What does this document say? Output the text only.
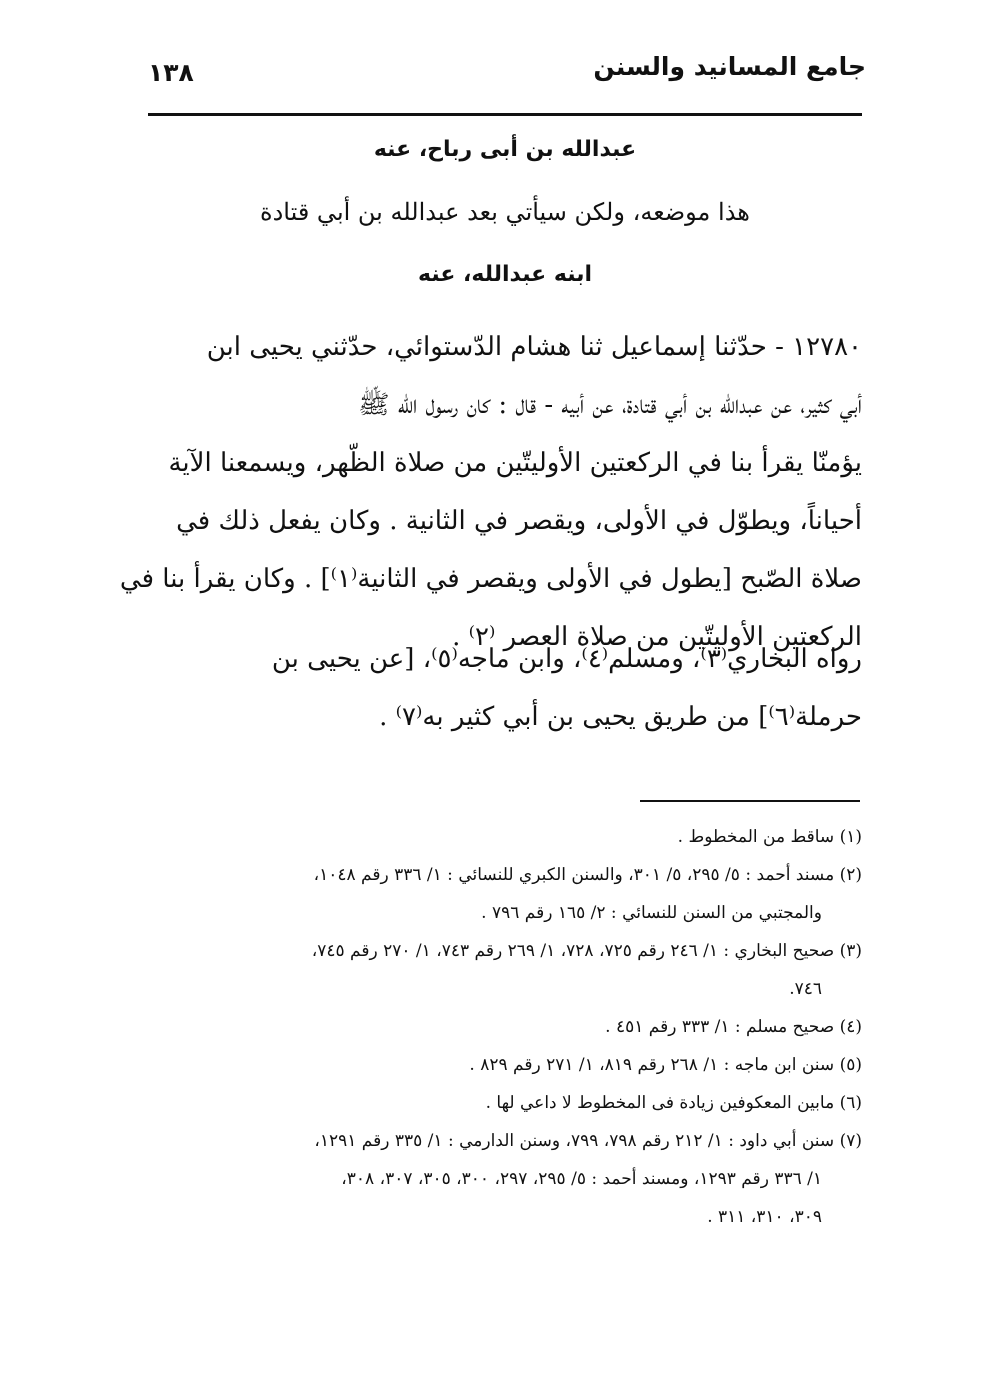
جامع المسانيد والسنن
١٣٨
عبدالله بن أبى رباح، عنه
هذا موضعه، ولكن سيأتي بعد عبدالله بن أبي قتادة
ابنه عبدالله، عنه
١٢٧٨٠ - حدّثنا إسماعيل ثنا هشام الدّستوائي، حدّثني يحيى ابن
أبي كثير، عن عبدالله بن أبي قتادة، عن أبيه - قال : كان رسول الله ﷺ
يؤمنّا يقرأ بنا في الركعتين الأوليتّين من صلاة الظّهر، ويسمعنا الآية
أحياناً، ويطوّل في الأولى، ويقصر في الثانية . وكان يفعل ذلك في
صلاة الصّبح [يطول في الأولى ويقصر في الثانية⁽١⁾] . وكان يقرأ بنا في
الركعتين الأوليتّين من صلاة العصر ⁽٢⁾ .
رواه البخاري⁽٣⁾، ومسلم⁽٤⁾، وابن ماجه⁽٥⁾، [عن يحيى بن
حرملة⁽٦⁾] من طريق يحيى بن أبي كثير به⁽٧⁾ .
(١) ساقط من المخطوط .
(٢) مسند أحمد : ٥/ ٢٩٥، ٥/ ٣٠١، والسنن الكبري للنسائي : ١/ ٣٣٦ رقم ١٠٤٨،
والمجتبي من السنن للنسائي : ٢/ ١٦٥ رقم ٧٩٦ .
(٣) صحيح البخاري : ١/ ٢٤٦ رقم ٧٢٥، ٧٢٨، ١/ ٢٦٩ رقم ٧٤٣، ١/ ٢٧٠ رقم ٧٤٥،
٧٤٦.
(٤) صحيح مسلم : ١/ ٣٣٣ رقم ٤٥١ .
(٥) سنن ابن ماجه : ١/ ٢٦٨ رقم ٨١٩، ١/ ٢٧١ رقم ٨٢٩ .
(٦) مابين المعكوفين زيادة فى المخطوط لا داعي لها .
(٧) سنن أبي داود : ١/ ٢١٢ رقم ٧٩٨، ٧٩٩، وسنن الدارمي : ١/ ٣٣٥ رقم ١٢٩١،
١/ ٣٣٦ رقم ١٢٩٣، ومسند أحمد : ٥/ ٢٩٥، ٢٩٧، ٣٠٠، ٣٠٥، ٣٠٧، ٣٠٨،
٣٠٩، ٣١٠، ٣١١ .
